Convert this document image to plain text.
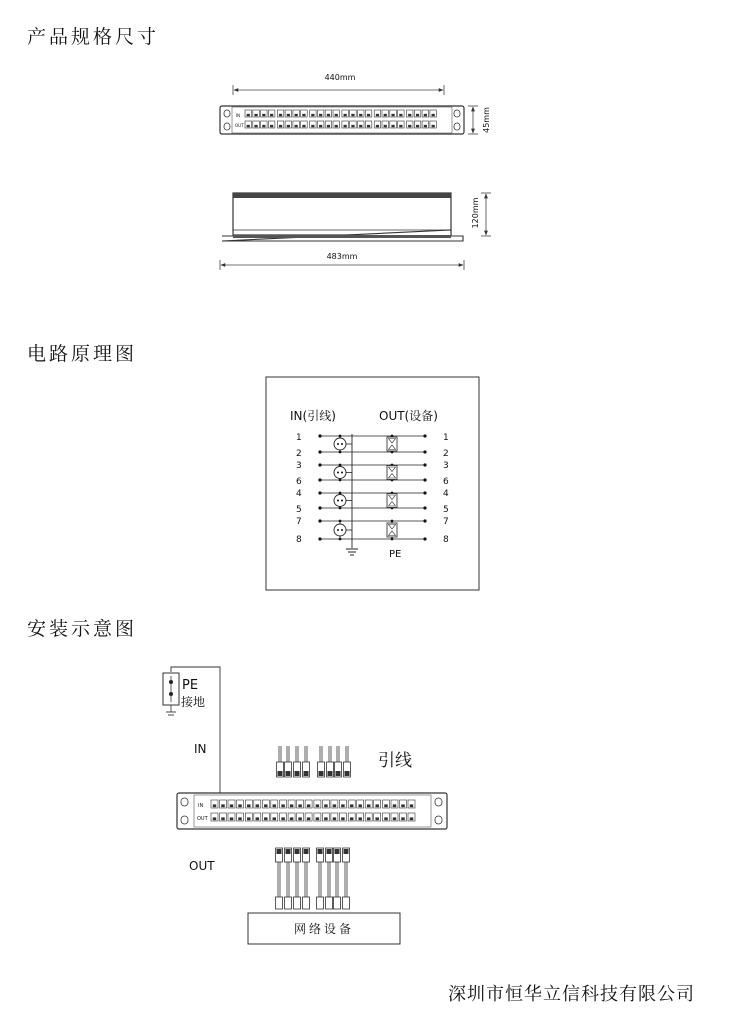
产品规格尺寸
电路原理图
安装示意图
440mm
IN
OUT	45mm
120mm
483mm
IN(引线)	OUT(设备)
1
2
3
6
4
5
7
8
1
2
3
6
4
5
7
8
PE
PE
接地
IN
引线
IN
OUT
OUT
网络设备
深圳市恒华立信科技有限公司
